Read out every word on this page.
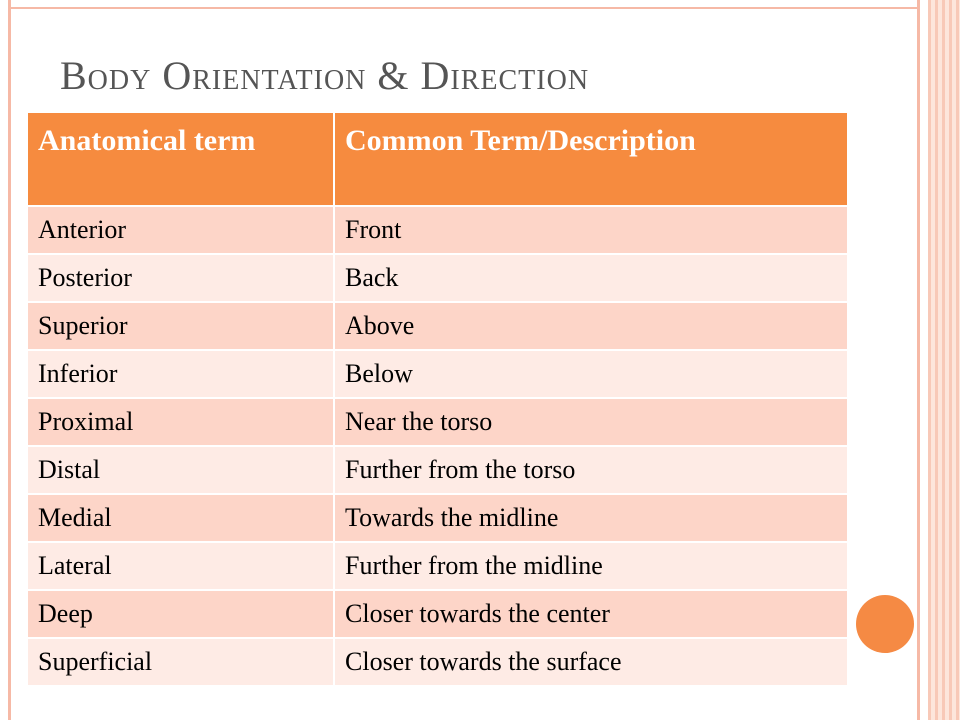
Body Orientation & Direction
Anatomical term	Common Term/Description
Anterior	Front
Posterior	Back
Superior	Above
Inferior	Below
Proximal	Near the torso
Distal	Further from the torso
Medial	Towards the midline
Lateral	Further from the midline
Deep	Closer towards the center
Superficial	Closer towards the surface
